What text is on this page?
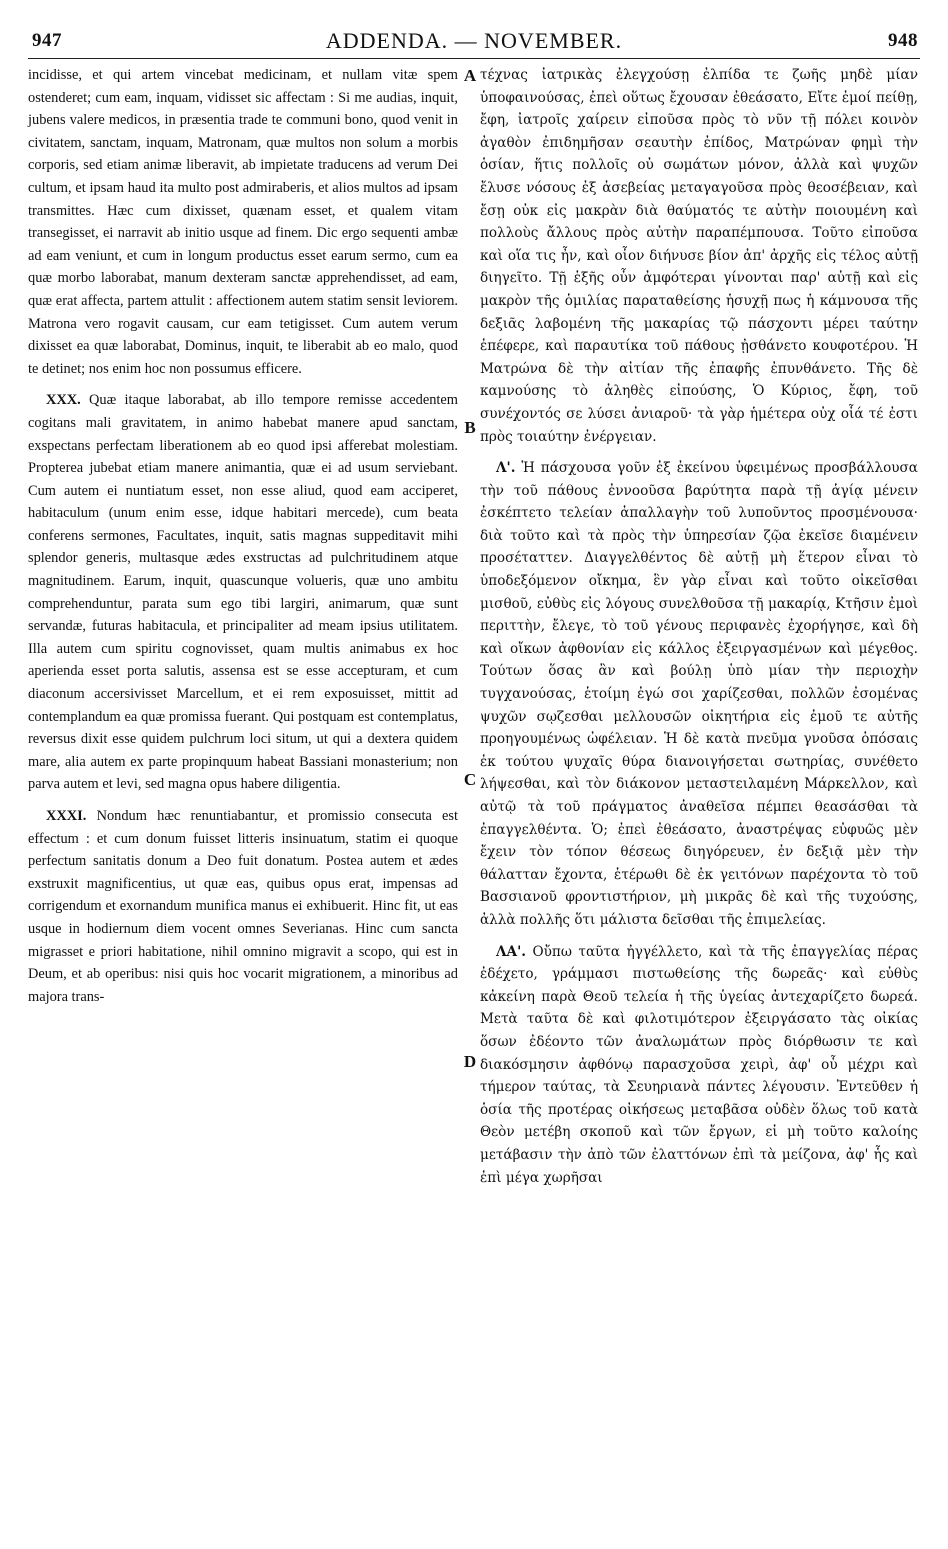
947	ADDENDA. — NOVEMBER.	948

incidisse, et qui artem vincebat medicinam, et nullam vitæ spem ostenderet; cum eam, inquam, vidisset sic affectam : Si me audias, inquit, jubens valere medicos, in præsentia trade te communi bono, quod venit in civitatem, sanctam, inquam, Matronam, quæ multos non solum a morbis corporis, sed etiam animæ liberavit, ab impietate traducens ad verum Dei cultum, et ipsam haud ita multo post admiraberis, et alios multos ad ipsam transmittes. Hæc cum dixisset, quænam esset, et qualem vitam transegisset, ei narravit ab initio usque ad finem. Dic ergo sequenti ambæ ad eam veniunt, et cum in longum productus esset earum sermo, cum ea quæ morbo laborabat, manum dexteram sanctæ apprehendisset, ad eam, quæ erat affecta, partem attulit : affectionem autem statim sensit leviorem. Matrona vero rogavit causam, cur eam tetigisset. Cum autem verum dixisset ea quæ laborabat, Dominus, inquit, te liberabit ab eo malo, quod te detinet; nos enim hoc non possumus efficere.

XXX. Quæ itaque laborabat, ab illo tempore remisse accedentem cogitans mali gravitatem, in animo habebat manere apud sanctam, exspectans perfectam liberationem ab eo quod ipsi afferebat molestiam. Propterea jubebat etiam manere animantia, quæ ei ad usum serviebant. Cum autem ei nuntiatum esset, non esse aliud, quod eam acciperet, habitaculum (unum enim esse, idque habitari mercede), cum beata conferens sermones, Facultates, inquit, satis magnas suppeditavit mihi splendor generis, multasque ædes exstructas ad pulchritudinem atque magnitudinem. Earum, inquit, quascunque volueris, quæ uno ambitu comprehenduntur, parata sum ego tibi largiri, animarum, quæ sunt servandæ, futuras habitacula, et principaliter ad meam ipsius utilitatem. Illa autem cum spiritu cognovisset, quam multis animabus ex hoc aperienda esset porta salutis, assensa est se esse accepturam, et cum diaconum accersivisset Marcellum, et ei rem exposuisset, mittit ad contemplandum ea quæ promissa fuerant. Qui postquam est contemplatus, reversus dixit esse quidem pulchrum loci situm, ut qui a dextera quidem mare, alia autem ex parte propinquum habeat Bassiani monasterium; non parva autem et levi, sed magna opus habere diligentia.

XXXI. Nondum hæc renuntiabantur, et promissio consecuta est effectum : et cum donum fuisset litteris insinuatum, statim ei quoque perfectum sanitatis donum a Deo fuit donatum. Postea autem et ædes exstruxit magnificentius, ut quæ eas, quibus opus erat, impensas ad corrigendum et exornandum munifica manus ei exhibuerit. Hinc fit, ut eas usque in hodiernum diem vocent omnes Severianas. Hinc cum sancta migrasset e priori habitatione, nihil omnino migravit a scopo, qui est in Deum, et ab operibus: nisi quis hoc vocarit migrationem, a minoribus ad majora trans-

A
B
C
D

τέχνας ἰατρικὰς ἐλεγχούσῃ ἐλπίδα τε ζωῆς μηδὲ μίαν ὑποφαινούσας, ἐπεὶ οὕτως ἔχουσαν ἐθεάσατο, Εἴτε ἐμοί πείθῃ, ἔφη, ἰατροῖς χαίρειν εἰποῦσα πρὸς τὸ νῦν τῇ πόλει κοινὸν ἀγαθὸν ἐπιδημῆσαν σεαυτὴν ἐπίδος, Ματρώναν φημὶ τὴν ὁσίαν, ἥτις πολλοῖς οὐ σωμάτων μόνον, ἀλλὰ καὶ ψυχῶν ἔλυσε νόσους ἐξ ἀσεβείας μεταγαγοῦσα πρὸς θεοσέβειαν, καὶ ἔσῃ οὐκ εἰς μακρὰν διὰ θαύματός τε αὐτὴν ποιουμένη καὶ πολλοὺς ἄλλους πρὸς αὐτὴν παραπέμπουσα. Τοῦτο εἰποῦσα καὶ οἵα τις ἦν, καὶ οἷον διήνυσε βίον ἀπ' ἀρχῆς εἰς τέλος αὐτῇ διηγεῖτο. Τῇ ἑξῆς οὖν ἀμφότεραι γίνονται παρ' αὐτῇ καὶ εἰς μακρὸν τῆς ὁμιλίας παραταθείσης ἡσυχῇ πως ἡ κάμνουσα τῆς δεξιᾶς λαβομένη τῆς μακαρίας τῷ πάσχοντι μέρει ταύτην ἐπέφερε, καὶ παραυτίκα τοῦ πάθους ᾐσθάνετο κουφοτέρου. Ἡ Ματρώνα δὲ τὴν αἰτίαν τῆς ἐπαφῆς ἐπυνθάνετο. Τῆς δὲ καμνούσης τὸ ἀληθὲς εἰπούσης, Ὁ Κύριος, ἔφη, τοῦ συνέχοντός σε λύσει ἀνιαροῦ· τὰ γὰρ ἡμέτερα οὐχ οἷά τέ ἐστι πρὸς τοιαύτην ἐνέργειαν.

Λ'. Ἡ πάσχουσα γοῦν ἐξ ἐκείνου ὑφειμένως προσβάλλουσα τὴν τοῦ πάθους ἐννοοῦσα βαρύτητα παρὰ τῇ ἁγίᾳ μένειν ἐσκέπτετο τελείαν ἀπαλλαγὴν τοῦ λυποῦντος προσμένουσα· διὰ τοῦτο καὶ τὰ πρὸς τὴν ὑπηρεσίαν ζῷα ἐκεῖσε διαμένειν προσέταττεν. Διαγγελθέντος δὲ αὐτῇ μὴ ἕτερον εἶναι τὸ ὑποδεξόμενον οἴκημα, ἓν γὰρ εἶναι καὶ τοῦτο οἰκεῖσθαι μισθοῦ, εὐθὺς εἰς λόγους συνελθοῦσα τῇ μακαρίᾳ, Κτῆσιν ἐμοὶ περιττὴν, ἔλεγε, τὸ τοῦ γένους περιφανὲς ἐχορήγησε, καὶ δὴ καὶ οἴκων ἀφθονίαν εἰς κάλλος ἐξειργασμένων καὶ μέγεθος. Τούτων ὅσας ἂν καὶ βούλῃ ὑπὸ μίαν τὴν περιοχὴν τυγχανούσας, ἑτοίμη ἐγώ σοι χαρίζεσθαι, πολλῶν ἐσομένας ψυχῶν σῳζεσθαι μελλουσῶν οἰκητήρια εἰς ἐμοῦ τε αὐτῆς προηγουμένως ὠφέλειαν. Ἡ δὲ κατὰ πνεῦμα γνοῦσα ὁπόσαις ἐκ τούτου ψυχαῖς θύρα διανοιγήσεται σωτηρίας, συνέθετο λήψεσθαι, καὶ τὸν διάκονον μεταστειλαμένη Μάρκελλον, καὶ αὐτῷ τὰ τοῦ πράγματος ἀναθεῖσα πέμπει θεασάσθαι τὰ ἐπαγγελθέντα. Ὁ; ἐπεὶ ἐθεάσατο, ἀναστρέψας εὐφυῶς μὲν ἔχειν τὸν τόπον θέσεως διηγόρευεν, ἐν δεξιᾷ μὲν τὴν θάλατταν ἔχοντα, ἑτέρωθι δὲ ἐκ γειτόνων παρέχοντα τὸ τοῦ Βασσιανοῦ φροντιστήριον, μὴ μικρᾶς δὲ καὶ τῆς τυχούσης, ἀλλὰ πολλῆς ὅτι μάλιστα δεῖσθαι τῆς ἐπιμελείας.

ΛΑ'. Οὔπω ταῦτα ἠγγέλλετο, καὶ τὰ τῆς ἐπαγγελίας πέρας ἐδέχετο, γράμμασι πιστωθείσης τῆς δωρεᾶς· καὶ εὐθὺς κἀκείνη παρὰ Θεοῦ τελεία ἡ τῆς ὑγείας ἀντεχαρίζετο δωρεά. Μετὰ ταῦτα δὲ καὶ φιλοτιμότερον ἐξειργάσατο τὰς οἰκίας ὅσων ἐδέοντο τῶν ἀναλωμάτων πρὸς διόρθωσιν τε καὶ διακόσμησιν ἀφθόνῳ παρασχοῦσα χειρὶ, ἀφ' οὗ μέχρι καὶ τήμερον ταύτας, τὰ Σευηριανὰ πάντες λέγουσιν. Ἐντεῦθεν ἡ ὁσία τῆς προτέρας οἰκήσεως μεταβᾶσα οὐδὲν ὅλως τοῦ κατὰ Θεὸν μετέβη σκοποῦ καὶ τῶν ἔργων, εἰ μὴ τοῦτο καλοίης μετάβασιν τὴν ἀπὸ τῶν ἐλαττόνων ἐπὶ τὰ μείζονα, ἀφ' ἧς καὶ ἐπὶ μέγα χωρῆσαι
